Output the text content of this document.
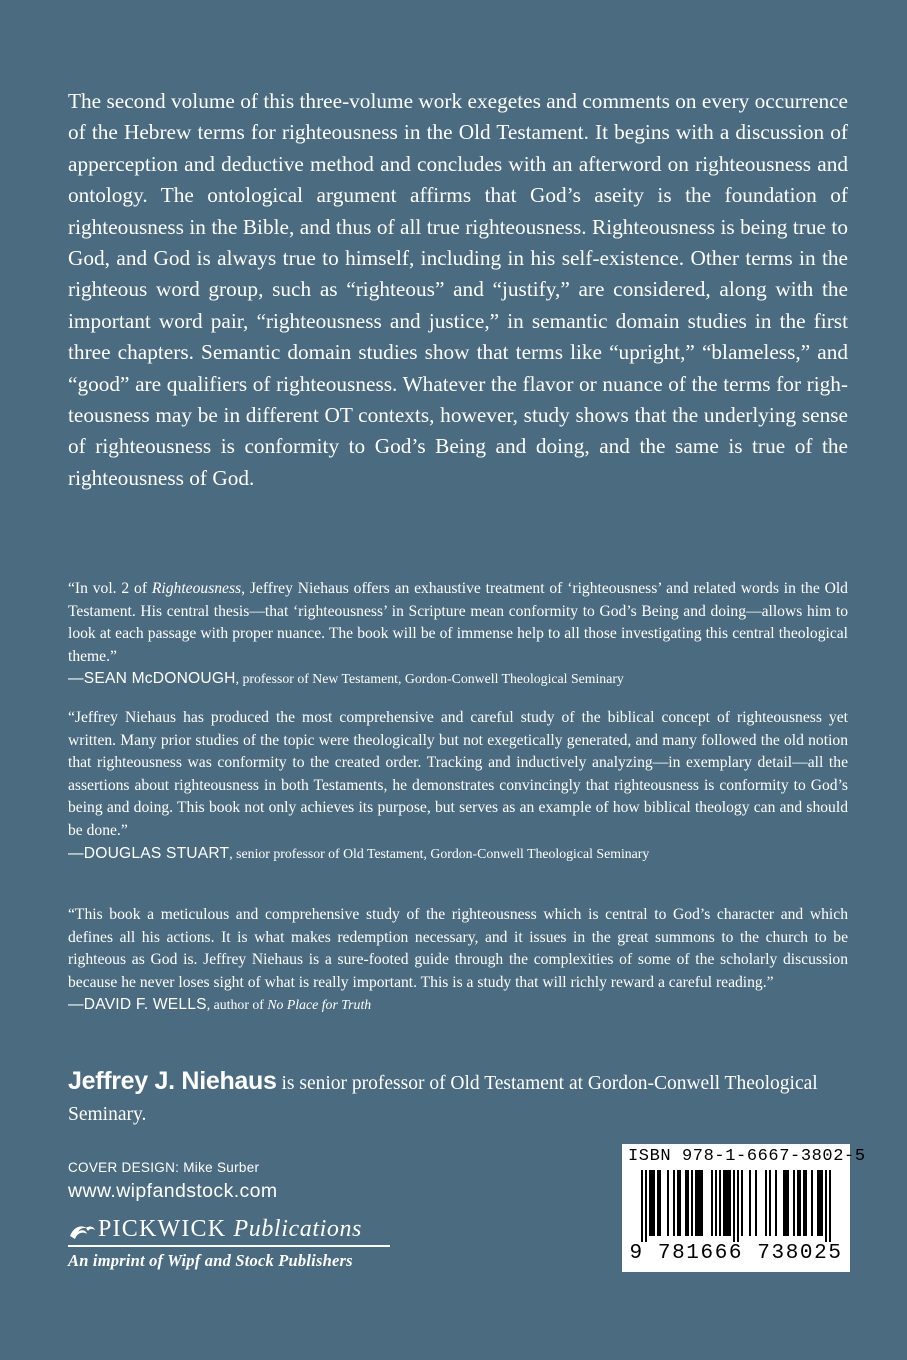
The second volume of this three-volume work exegetes and comments on every occurrence of the Hebrew terms for righteousness in the Old Testament. It begins with a discussion of apperception and deductive method and concludes with an afterword on righteousness and ontology. The ontological argument affirms that God’s aseity is the foundation of righteousness in the Bible, and thus of all true righteousness. Righteousness is being true to God, and God is always true to himself, including in his self-existence. Other terms in the righteous word group, such as “righteous” and “justify,” are considered, along with the important word pair, “righteousness and justice,” in semantic domain studies in the first three chapters. Semantic domain studies show that terms like “upright,” “blameless,” and “good” are qualifiers of righteousness. Whatever the flavor or nuance of the terms for righteousness may be in different OT contexts, however, study shows that the underlying sense of righteousness is conformity to God’s Being and doing, and the same is true of the righteousness of God.

“In vol. 2 of Righteousness, Jeffrey Niehaus offers an exhaustive treatment of ‘righteousness’ and related words in the Old Testament. His central thesis—that ‘righteousness’ in Scripture mean conformity to God’s Being and doing—allows him to look at each passage with proper nuance. The book will be of immense help to all those investigating this central theological theme.”

—SEAN McDONOUGH, professor of New Testament, Gordon-Conwell Theological Seminary

“Jeffrey Niehaus has produced the most comprehensive and careful study of the biblical concept of righteousness yet written. Many prior studies of the topic were theologically but not exegetically generated, and many followed the old notion that righteousness was conformity to the created order. Tracking and inductively analyzing—in exemplary detail—all the assertions about righteousness in both Testaments, he demonstrates convincingly that righteousness is conformity to God’s being and doing. This book not only achieves its purpose, but serves as an example of how biblical theology can and should be done.”

—DOUGLAS STUART, senior professor of Old Testament, Gordon-Conwell Theological Seminary

“This book a meticulous and comprehensive study of the righteousness which is central to God’s character and which defines all his actions. It is what makes redemption necessary, and it issues in the great summons to the church to be righteous as God is. Jeffrey Niehaus is a sure-footed guide through the complexities of some of the scholarly discussion because he never loses sight of what is really important. This is a study that will richly reward a careful reading.”

—DAVID F. WELLS, author of No Place for Truth

Jeffrey J. Niehaus is senior professor of Old Testament at Gordon-Conwell Theological Seminary.

COVER DESIGN: Mike Surber

www.wipfandstock.com

PICKWICK Publications
An imprint of Wipf and Stock Publishers
ISBN 978-1-6667-3802-5
9 781666 738025
